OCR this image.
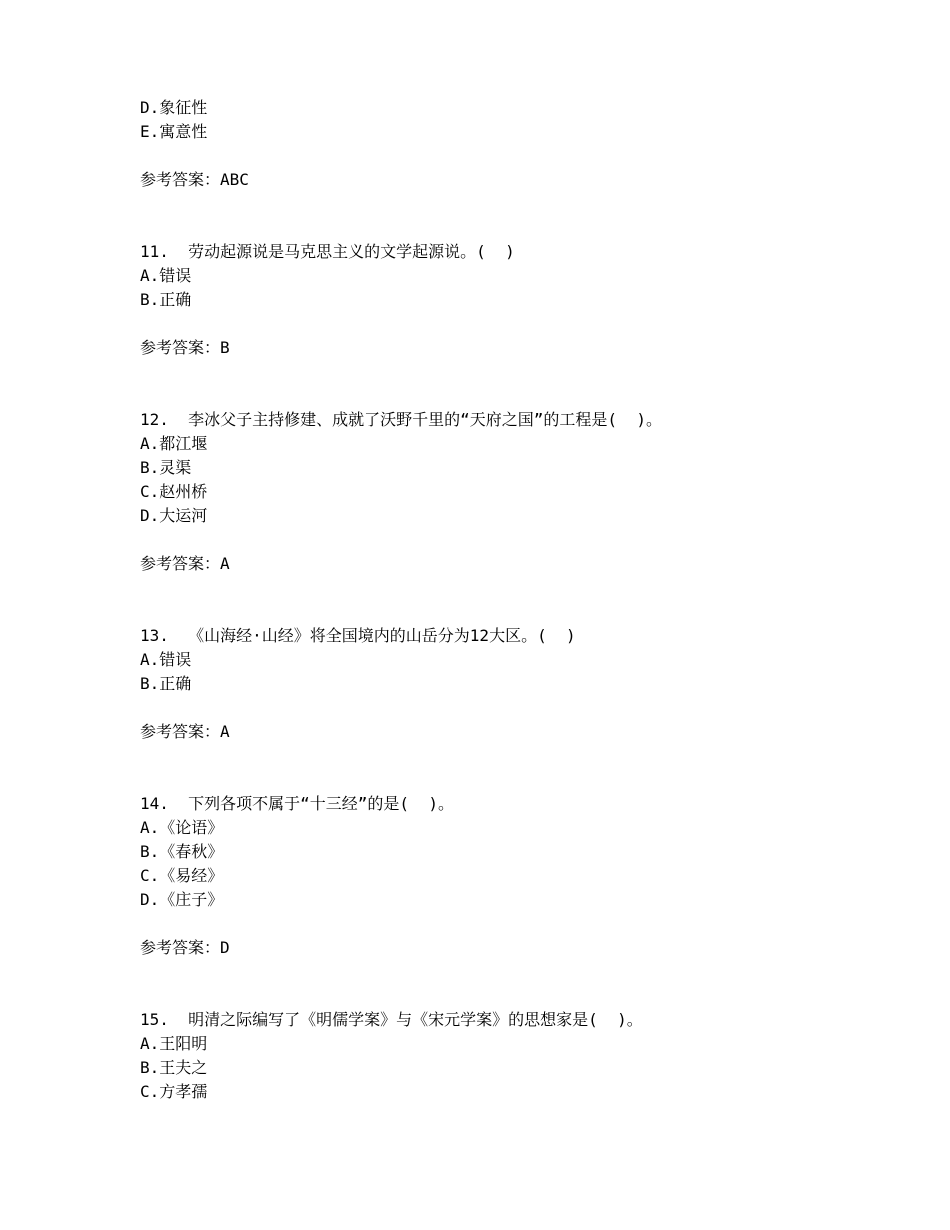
D.象征性
E.寓意性
参考答案：ABC
11.  劳动起源说是马克思主义的文学起源说。(  )
A.错误
B.正确
参考答案：B
12.  李冰父子主持修建、成就了沃野千里的“天府之国”的工程是(  )。
A.都江堰
B.灵渠
C.赵州桥
D.大运河
参考答案：A
13.  《山海经·山经》将全国境内的山岳分为12大区。(  )
A.错误
B.正确
参考答案：A
14.  下列各项不属于“十三经”的是(  )。
A.《论语》
B.《春秋》
C.《易经》
D.《庄子》
参考答案：D
15.  明清之际编写了《明儒学案》与《宋元学案》的思想家是(  )。
A.王阳明
B.王夫之
C.方孝孺
